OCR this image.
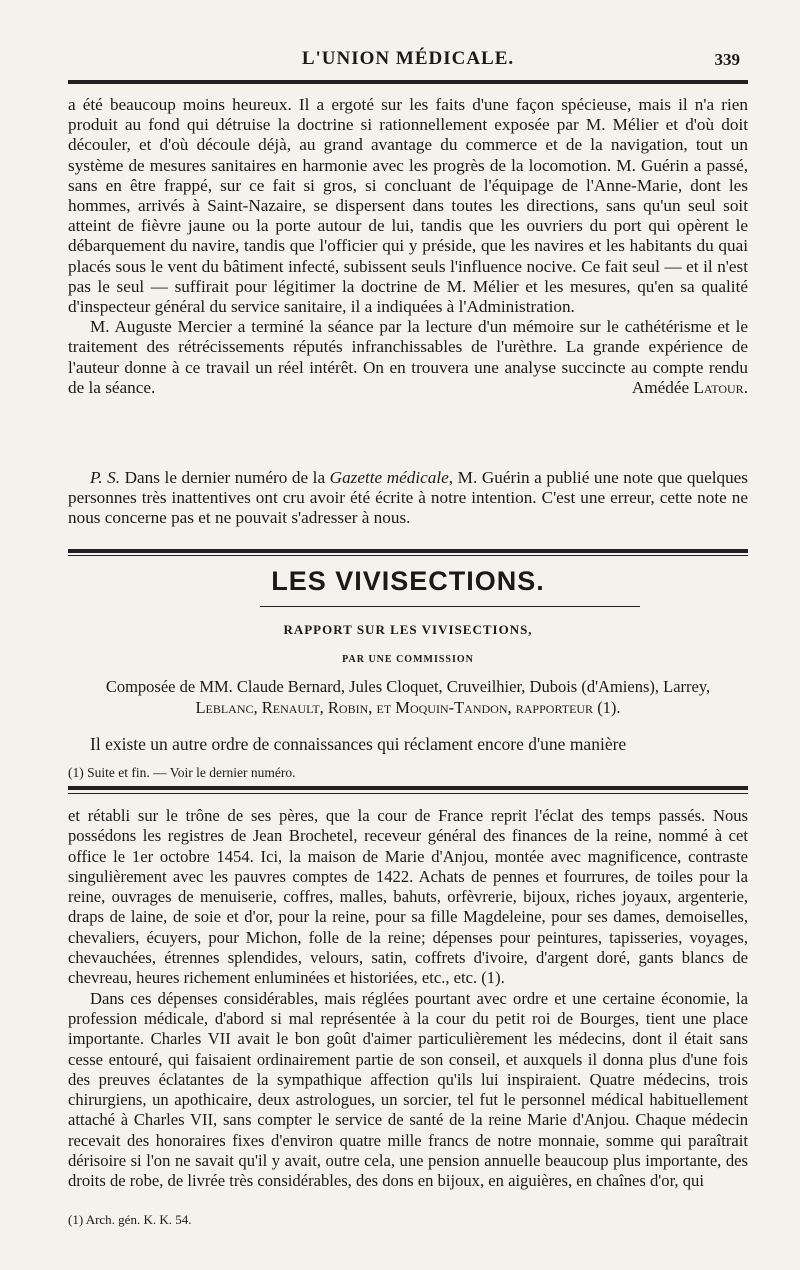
L'UNION MÉDICALE.	339

a été beaucoup moins heureux. Il a ergoté sur les faits d'une façon spécieuse, mais il n'a rien produit au fond qui détruise la doctrine si rationnellement exposée par M. Mélier et d'où doit découler, et d'où découle déjà, au grand avantage du commerce et de la navigation, tout un système de mesures sanitaires en harmonie avec les progrès de la locomotion. M. Guérin a passé, sans en être frappé, sur ce fait si gros, si concluant de l'équipage de l'Anne-Marie, dont les hommes, arrivés à Saint-Nazaire, se dispersent dans toutes les directions, sans qu'un seul soit atteint de fièvre jaune ou la porte autour de lui, tandis que les ouvriers du port qui opèrent le débarquement du navire, tandis que l'officier qui y préside, que les navires et les habitants du quai placés sous le vent du bâtiment infecté, subissent seuls l'influence nocive. Ce fait seul — et il n'est pas le seul — suffirait pour légitimer la doctrine de M. Mélier et les mesures, qu'en sa qualité d'inspecteur général du service sanitaire, il a indiquées à l'Administration.

M. Auguste Mercier a terminé la séance par la lecture d'un mémoire sur le cathétérisme et le traitement des rétrécissements réputés infranchissables de l'urèthre. La grande expérience de l'auteur donne à ce travail un réel intérêt. On en trouvera une analyse succincte au compte rendu de la séance.	Amédée Latour.

P. S. Dans le dernier numéro de la Gazette médicale, M. Guérin a publié une note que quelques personnes très inattentives ont cru avoir été écrite à notre intention. C'est une erreur, cette note ne nous concerne pas et ne pouvait s'adresser à nous.

LES VIVISECTIONS.
RAPPORT SUR LES VIVISECTIONS,
PAR UNE COMMISSION
Composée de MM. Claude Bernard, Jules Cloquet, Cruveilhier, Dubois (d'Amiens), Larrey,
Leblanc, Renault, Robin, et Moquin-Tandon, rapporteur (1).
Il existe un autre ordre de connaissances qui réclament encore d'une manière
(1) Suite et fin. — Voir le dernier numéro.

et rétabli sur le trône de ses pères, que la cour de France reprit l'éclat des temps passés. Nous possédons les registres de Jean Brochetel, receveur général des finances de la reine, nommé à cet office le 1er octobre 1454. Ici, la maison de Marie d'Anjou, montée avec magnificence, contraste singulièrement avec les pauvres comptes de 1422. Achats de pennes et fourrures, de toiles pour la reine, ouvrages de menuiserie, coffres, malles, bahuts, orfèvrerie, bijoux, riches joyaux, argenterie, draps de laine, de soie et d'or, pour la reine, pour sa fille Magdeleine, pour ses dames, demoiselles, chevaliers, écuyers, pour Michon, folle de la reine; dépenses pour peintures, tapisseries, voyages, chevauchées, étrennes splendides, velours, satin, coffrets d'ivoire, d'argent doré, gants blancs de chevreau, heures richement enluminées et historiées, etc., etc. (1).

Dans ces dépenses considérables, mais réglées pourtant avec ordre et une certaine économie, la profession médicale, d'abord si mal représentée à la cour du petit roi de Bourges, tient une place importante. Charles VII avait le bon goût d'aimer particulièrement les médecins, dont il était sans cesse entouré, qui faisaient ordinairement partie de son conseil, et auxquels il donna plus d'une fois des preuves éclatantes de la sympathique affection qu'ils lui inspiraient. Quatre médecins, trois chirurgiens, un apothicaire, deux astrologues, un sorcier, tel fut le personnel médical habituellement attaché à Charles VII, sans compter le service de santé de la reine Marie d'Anjou. Chaque médecin recevait des honoraires fixes d'environ quatre mille francs de notre monnaie, somme qui paraîtrait dérisoire si l'on ne savait qu'il y avait, outre cela, une pension annuelle beaucoup plus importante, des droits de robe, de livrée très considérables, des dons en bijoux, en aiguières, en chaînes d'or, qui

(1) Arch. gén. K. K. 54.
